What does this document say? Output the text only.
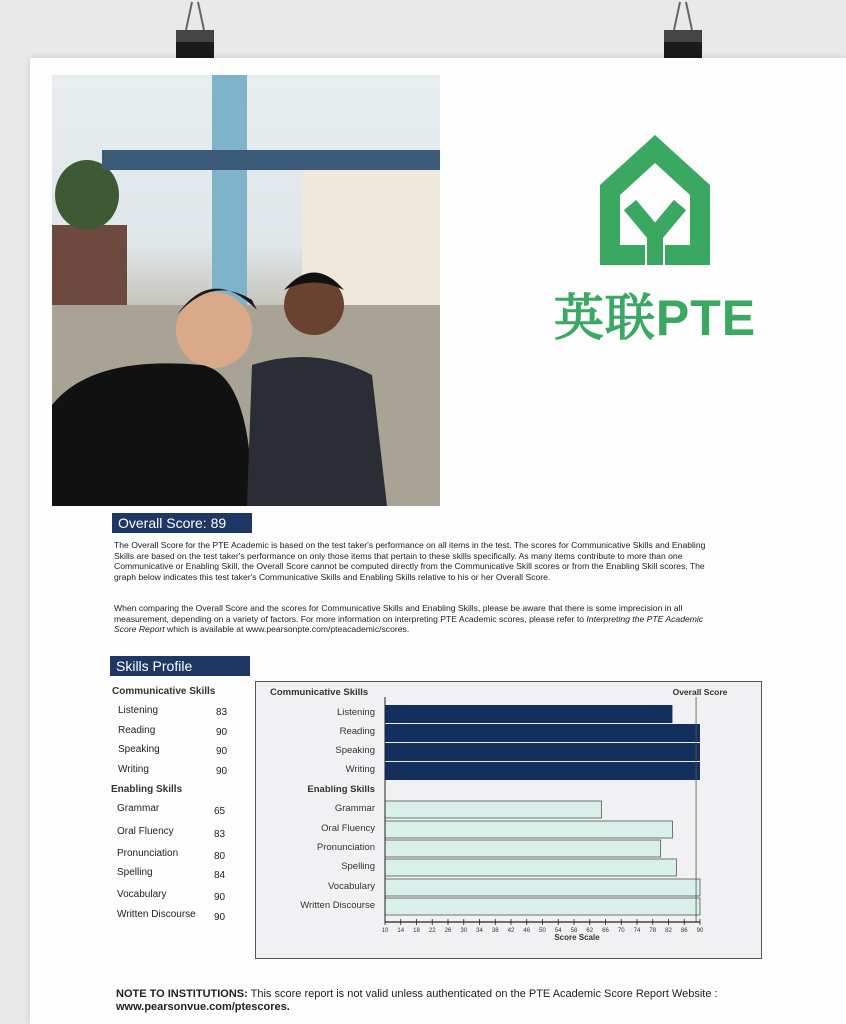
英联PTE
Overall Score: 89

The Overall Score for the PTE Academic is based on the test taker's performance on all items in the test. The scores for Communicative Skills and Enabling Skills are based on the test taker's performance on only those items that pertain to these skills specifically. As many items contribute to more than one Communicative or Enabling Skill, the Overall Score cannot be computed directly from the Communicative Skill scores or from the Enabling Skill scores. The graph below indicates this test taker's Communicative Skills and Enabling Skills relative to his or her Overall Score.

When comparing the Overall Score and the scores for Communicative Skills and Enabling Skills, please be aware that there is some imprecision in all measurement, depending on a variety of factors. For more information on interpreting PTE Academic scores, please refer to Interpreting the PTE Academic Score Report which is available at www.pearsonpte.com/pteacademic/scores.

Skills Profile
Communicative Skills
Listening	83
Reading	90
Speaking	90
Writing	90
Enabling Skills
Grammar	65
Oral Fluency	83
Pronunciation	80
Spelling	84
Vocabulary	90
Written Discourse 90
Communicative Skills
Enabling Skills
Overall Score
Listening
Reading
Speaking
Writing
Grammar
Oral Fluency
Pronunciation
Spelling
Vocabulary
Written Discourse
10 14 18 22 26 30 34 38 42 46 50 54 58 62 66 70 74 78 82 86 90
Score Scale
NOTE TO INSTITUTIONS: This score report is not valid unless authenticated on the PTE Academic Score Report Website : www.pearsonvue.com/ptescores.
